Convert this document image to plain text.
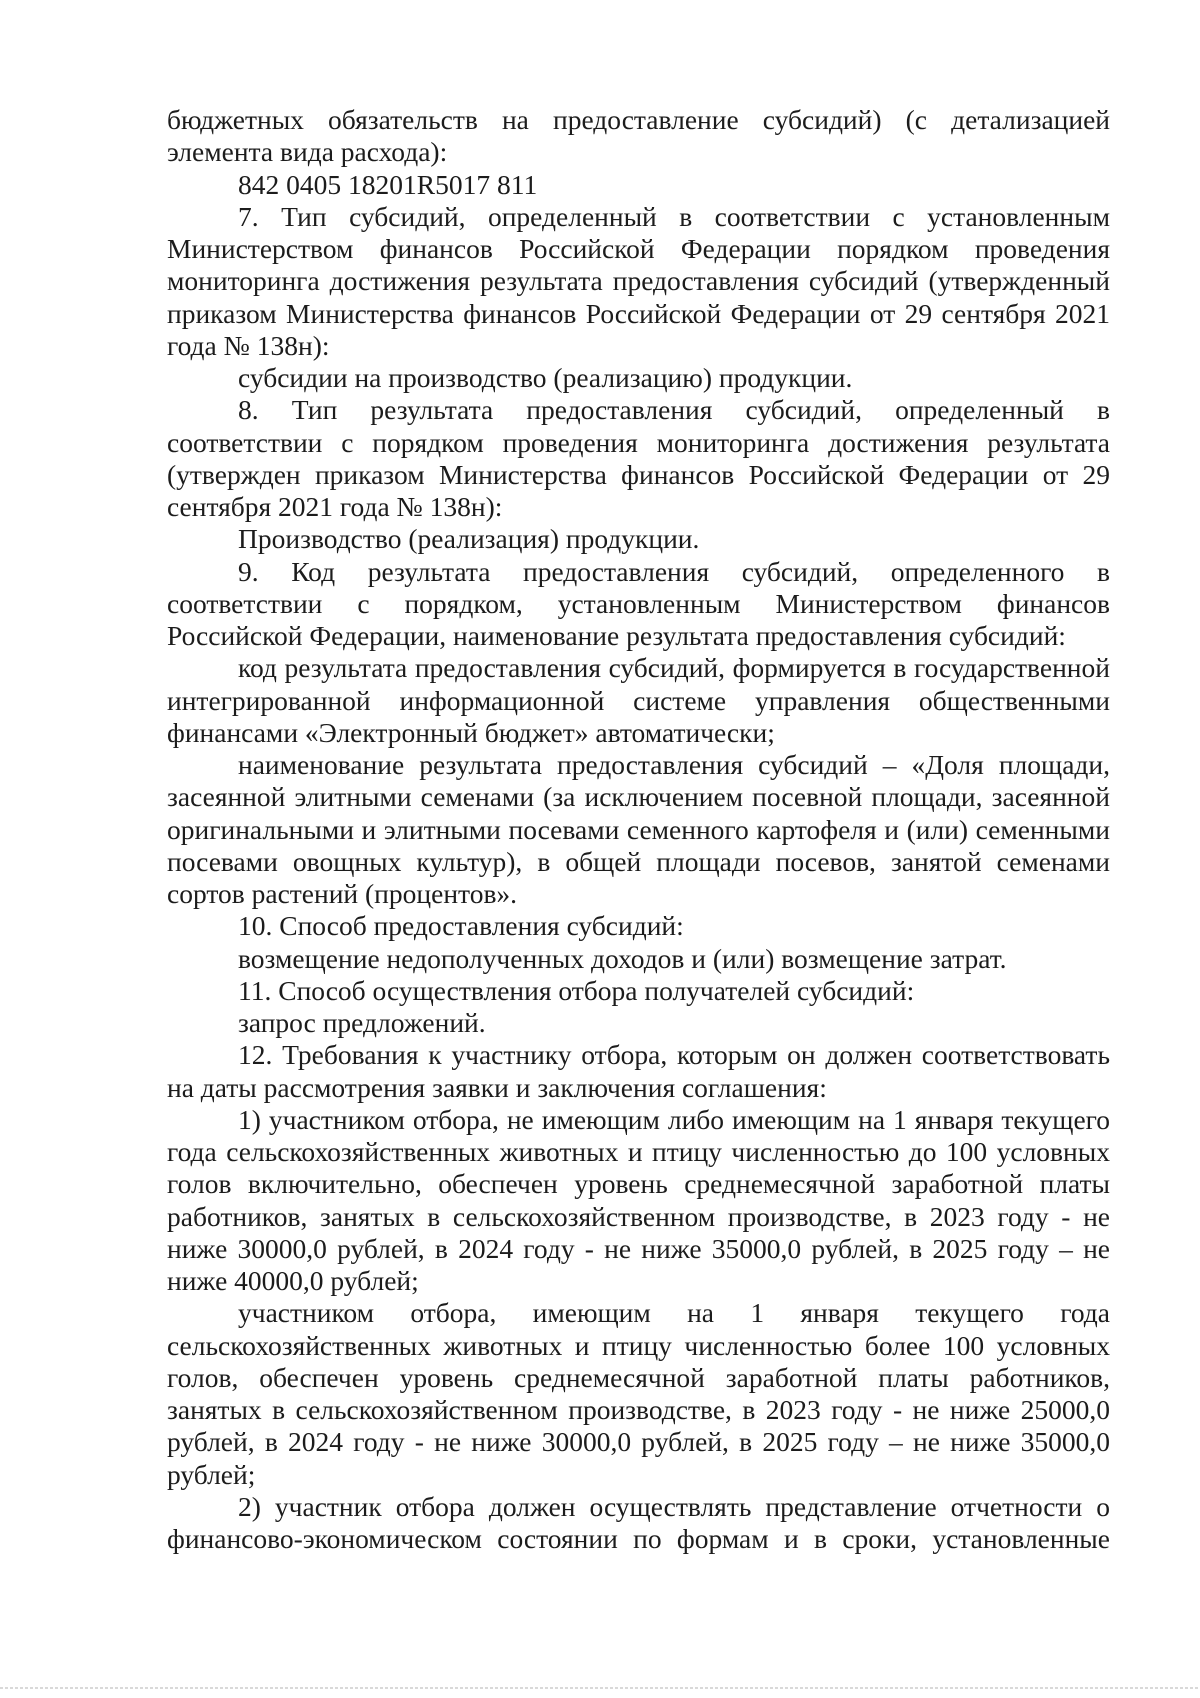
бюджетных обязательств на предоставление субсидий) (с детализацией элемента вида расхода):

842 0405 18201R5017 811

7. Тип субсидий, определенный в соответствии с установленным Министерством финансов Российской Федерации порядком проведения мониторинга достижения результата предоставления субсидий (утвержденный приказом Министерства финансов Российской Федерации от 29 сентября 2021 года № 138н):

субсидии на производство (реализацию) продукции.

8. Тип результата предоставления субсидий, определенный в соответствии с порядком проведения мониторинга достижения результата (утвержден приказом Министерства финансов Российской Федерации от 29 сентября 2021 года № 138н):

Производство (реализация) продукции.

9. Код результата предоставления субсидий, определенного в соответствии с порядком, установленным Министерством финансов Российской Федерации, наименование результата предоставления субсидий:

код результата предоставления субсидий, формируется в государственной интегрированной информационной системе управления общественными финансами «Электронный бюджет» автоматически;

наименование результата предоставления субсидий – «Доля площади, засеянной элитными семенами (за исключением посевной площади, засеянной оригинальными и элитными посевами семенного картофеля и (или) семенными посевами овощных культур), в общей площади посевов, занятой семенами сортов растений (процентов».

10. Способ предоставления субсидий:

возмещение недополученных доходов и (или) возмещение затрат.

11. Способ осуществления отбора получателей субсидий:

запрос предложений.

12. Требования к участнику отбора, которым он должен соответствовать на даты рассмотрения заявки и заключения соглашения:

1) участником отбора, не имеющим либо имеющим на 1 января текущего года сельскохозяйственных животных и птицу численностью до 100 условных голов включительно, обеспечен уровень среднемесячной заработной платы работников, занятых в сельскохозяйственном производстве, в 2023 году - не ниже 30000,0 рублей, в 2024 году - не ниже 35000,0 рублей, в 2025 году – не ниже 40000,0 рублей;

участником отбора, имеющим на 1 января текущего года сельскохозяйственных животных и птицу численностью более 100 условных голов, обеспечен уровень среднемесячной заработной платы работников, занятых в сельскохозяйственном производстве, в 2023 году - не ниже 25000,0 рублей, в 2024 году - не ниже 30000,0 рублей, в 2025 году – не ниже 35000,0 рублей;

2) участник отбора должен осуществлять представление отчетности о финансово-экономическом состоянии по формам и в сроки, установленные
